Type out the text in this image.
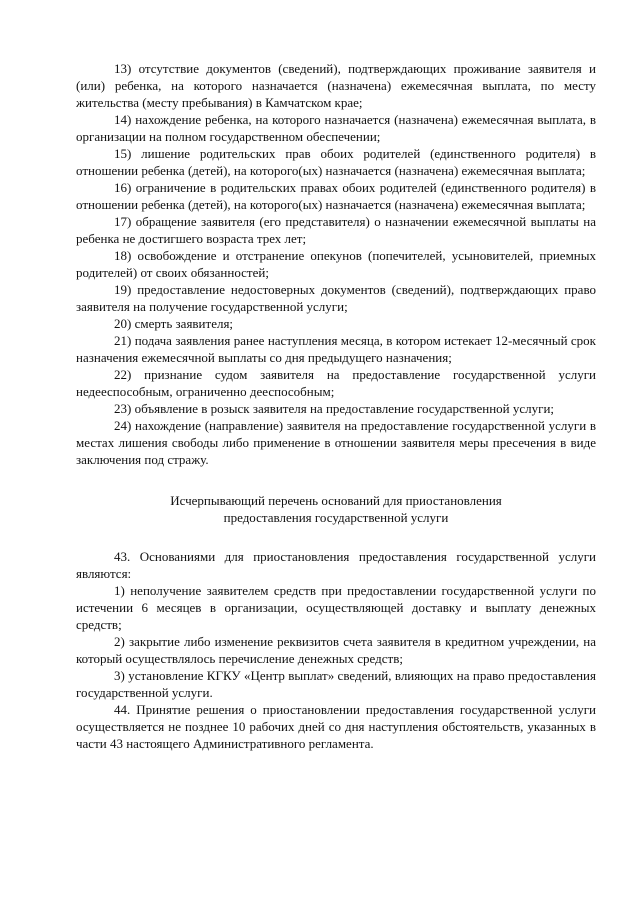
13) отсутствие документов (сведений), подтверждающих проживание заявителя и (или) ребенка, на которого назначается (назначена) ежемесячная выплата, по месту жительства (месту пребывания) в Камчатском крае;

14) нахождение ребенка, на которого назначается (назначена) ежемесячная выплата, в организации на полном государственном обеспечении;

15) лишение родительских прав обоих родителей (единственного родителя) в отношении ребенка (детей), на которого(ых) назначается (назначена) ежемесячная выплата;

16) ограничение в родительских правах обоих родителей (единственного родителя) в отношении ребенка (детей), на которого(ых) назначается (назначена) ежемесячная выплата;

17) обращение заявителя (его представителя) о назначении ежемесячной выплаты на ребенка не достигшего возраста трех лет;

18) освобождение и отстранение опекунов (попечителей, усыновителей, приемных родителей) от своих обязанностей;

19) предоставление недостоверных документов (сведений), подтверждающих право заявителя на получение государственной услуги;

20) смерть заявителя;

21) подача заявления ранее наступления месяца, в котором истекает 12-месячный срок назначения ежемесячной выплаты со дня предыдущего назначения;

22) признание судом заявителя на предоставление государственной услуги недееспособным, ограниченно дееспособным;

23) объявление в розыск заявителя на предоставление государственной услуги;

24) нахождение (направление) заявителя на предоставление государственной услуги в местах лишения свободы либо применение в отношении заявителя меры пресечения в виде заключения под стражу.

Исчерпывающий перечень оснований для приостановления
предоставления государственной услуги

43. Основаниями для приостановления предоставления государственной услуги являются:

1) неполучение заявителем средств при предоставлении государственной услуги по истечении 6 месяцев в организации, осуществляющей доставку и выплату денежных средств;

2) закрытие либо изменение реквизитов счета заявителя в кредитном учреждении, на который осуществлялось перечисление денежных средств;

3) установление КГКУ «Центр выплат» сведений, влияющих на право предоставления государственной услуги.

44. Принятие решения о приостановлении предоставления государственной услуги осуществляется не позднее 10 рабочих дней со дня наступления обстоятельств, указанных в части 43 настоящего Административного регламента.
